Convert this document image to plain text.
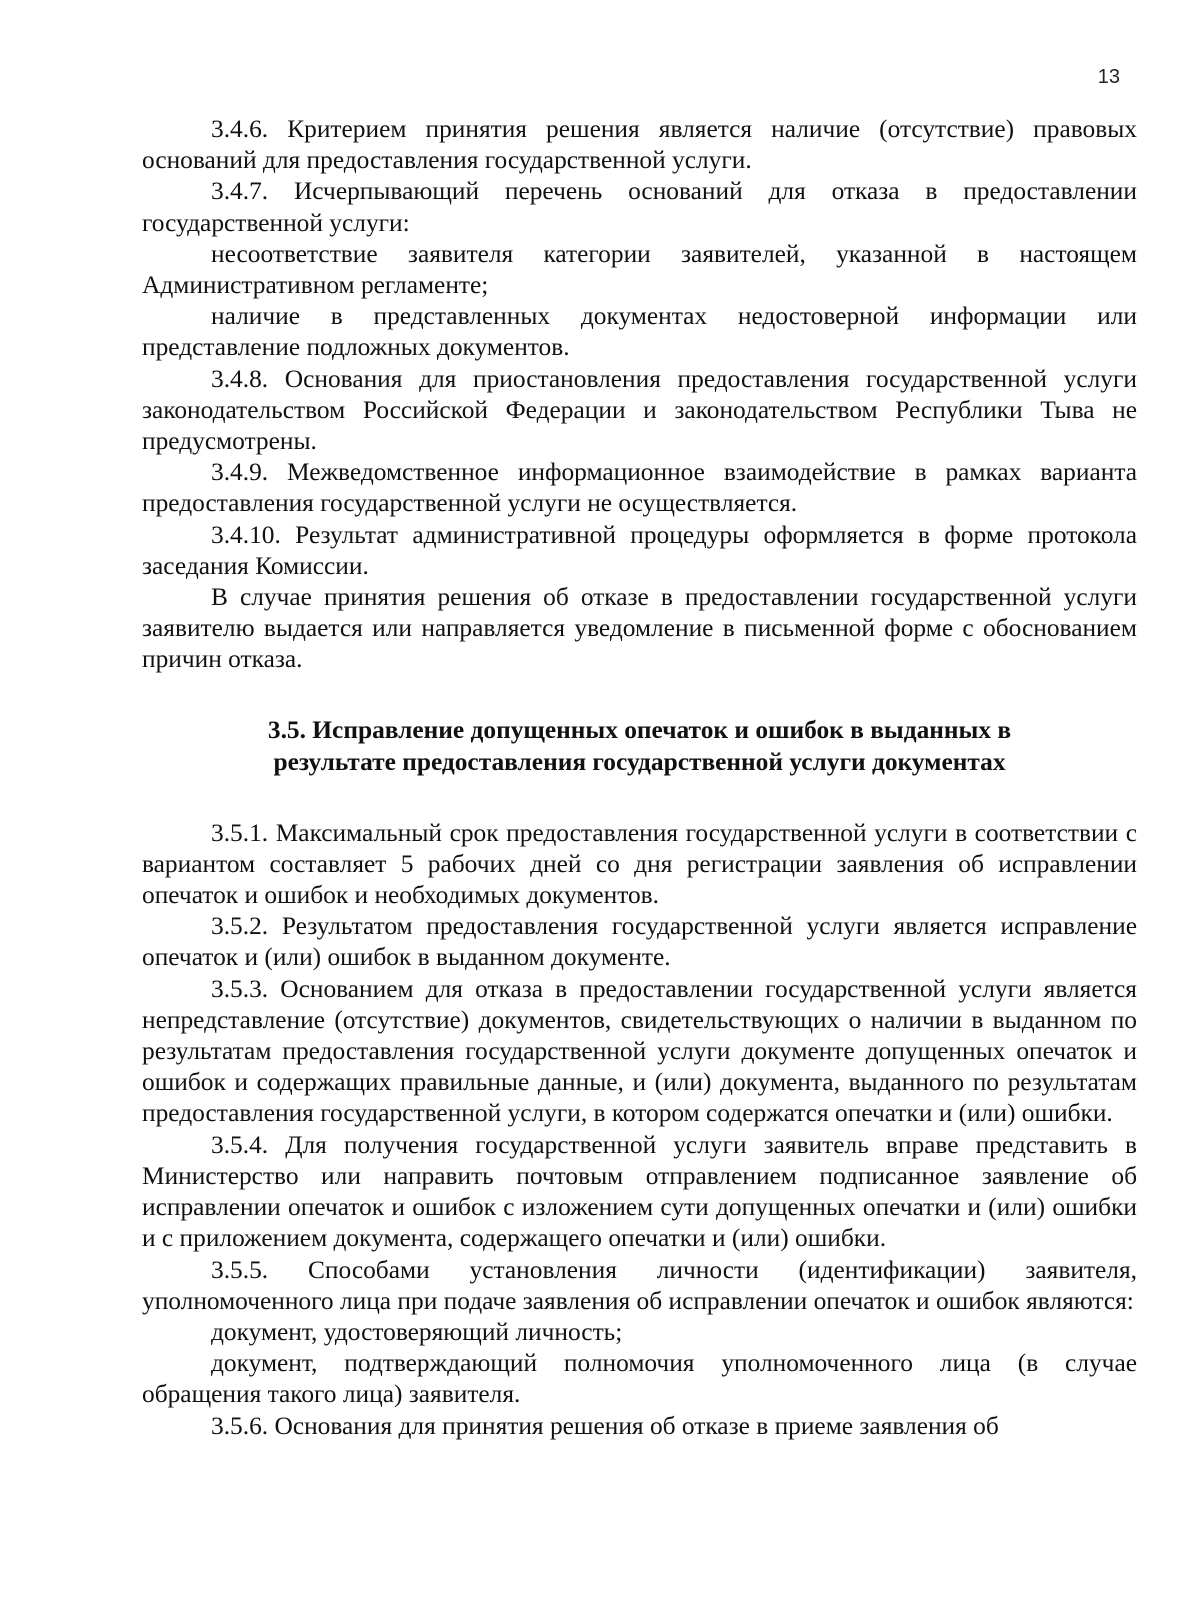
13

3.4.6. Критерием принятия решения является наличие (отсутствие) правовых оснований для предоставления государственной услуги.

3.4.7. Исчерпывающий перечень оснований для отказа в предоставлении государственной услуги:

несоответствие заявителя категории заявителей, указанной в настоящем Административном регламенте;

наличие в представленных документах недостоверной информации или представление подложных документов.

3.4.8. Основания для приостановления предоставления государственной услуги законодательством Российской Федерации и законодательством Республики Тыва не предусмотрены.

3.4.9. Межведомственное информационное взаимодействие в рамках варианта предоставления государственной услуги не осуществляется.

3.4.10. Результат административной процедуры оформляется в форме протокола заседания Комиссии.

В случае принятия решения об отказе в предоставлении государственной услуги заявителю выдается или направляется уведомление в письменной форме с обоснованием причин отказа.

3.5. Исправление допущенных опечаток и ошибок в выданных в
результате предоставления государственной услуги документах

3.5.1. Максимальный срок предоставления государственной услуги в соответствии с вариантом составляет 5 рабочих дней со дня регистрации заявления об исправлении опечаток и ошибок и необходимых документов.

3.5.2. Результатом предоставления государственной услуги является исправление опечаток и (или) ошибок в выданном документе.

3.5.3. Основанием для отказа в предоставлении государственной услуги является непредставление (отсутствие) документов, свидетельствующих о наличии в выданном по результатам предоставления государственной услуги документе допущенных опечаток и ошибок и содержащих правильные данные, и (или) документа, выданного по результатам предоставления государственной услуги, в котором содержатся опечатки и (или) ошибки.

3.5.4. Для получения государственной услуги заявитель вправе представить в Министерство или направить почтовым отправлением подписанное заявление об исправлении опечаток и ошибок с изложением сути допущенных опечатки и (или) ошибки и с приложением документа, содержащего опечатки и (или) ошибки.

3.5.5. Способами установления личности (идентификации) заявителя, уполномоченного лица при подаче заявления об исправлении опечаток и ошибок являются:

документ, удостоверяющий личность;

документ, подтверждающий полномочия уполномоченного лица (в случае обращения такого лица) заявителя.

3.5.6. Основания для принятия решения об отказе в приеме заявления об
